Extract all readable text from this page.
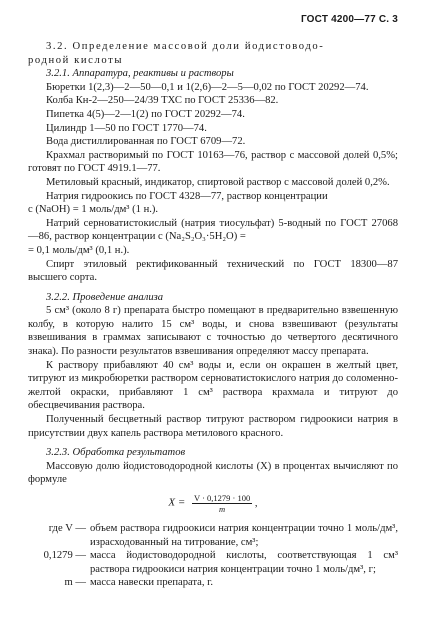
ГОСТ 4200—77 С. 3

3.2. Определение массовой доли йодистоводо-

родной кислоты

3.2.1. Аппаратура, реактивы и растворы

Бюретки 1(2,3)—2—50—0,1 и 1(2,6)—2—5—0,02 по ГОСТ 20292—74.

Колба Кн-2—250—24/39 ТХС по ГОСТ 25336—82.

Пипетка 4(5)—2—1(2) по ГОСТ 20292—74.

Цилиндр 1—50 по ГОСТ 1770—74.

Вода дистиллированная по ГОСТ 6709—72.

Крахмал растворимый по ГОСТ 10163—76, раствор с массовой долей 0,5%; готовят по ГОСТ 4919.1—77.

Метиловый красный, индикатор, спиртовой раствор с массовой долей 0,2%.

Натрия гидроокись по ГОСТ 4328—77, раствор концентрации

c (NaOH) = 1 моль/дм³ (1 н.).

Натрий серноватистокислый (натрия тиосульфат) 5-водный по ГОСТ 27068—86, раствор концентрации c (Na₂S₂O₃·5H₂O) =

= 0,1 моль/дм³ (0,1 н.).

Спирт этиловый ректификованный технический по ГОСТ 18300—87 высшего сорта.

3.2.2. Проведение анализа

5 см³ (около 8 г) препарата быстро помещают в предварительно взвешенную колбу, в которую налито 15 см³ воды, и снова взвешивают (результаты взвешивания в граммах записывают с точностью до четвертого десятичного знака). По разности результатов взвешивания определяют массу препарата.

К раствору прибавляют 40 см³ воды и, если он окрашен в желтый цвет, титруют из микробюретки раствором серноватистокислого натрия до соломенно-желтой окраски, прибавляют 1 см³ раствора крахмала и титруют до обесцвечивания раствора.

Полученный бесцветный раствор титруют раствором гидроокиси натрия в присутствии двух капель раствора метилового красного.

3.2.3. Обработка результатов

Массовую долю йодистоводородной кислоты (X) в процентах вычисляют по формуле

$X = \frac{V \cdot 0,1279 \cdot 100}{m}$ ,
где V — объем раствора гидроокиси натрия концентрации точно 1 моль/дм³, израсходованный на титрование, см³;
0,1279 — масса йодистоводородной кислоты, соответствующая 1 см³ раствора гидроокиси натрия концентрации точно 1 моль/дм³, г;
m — масса навески препарата, г.
